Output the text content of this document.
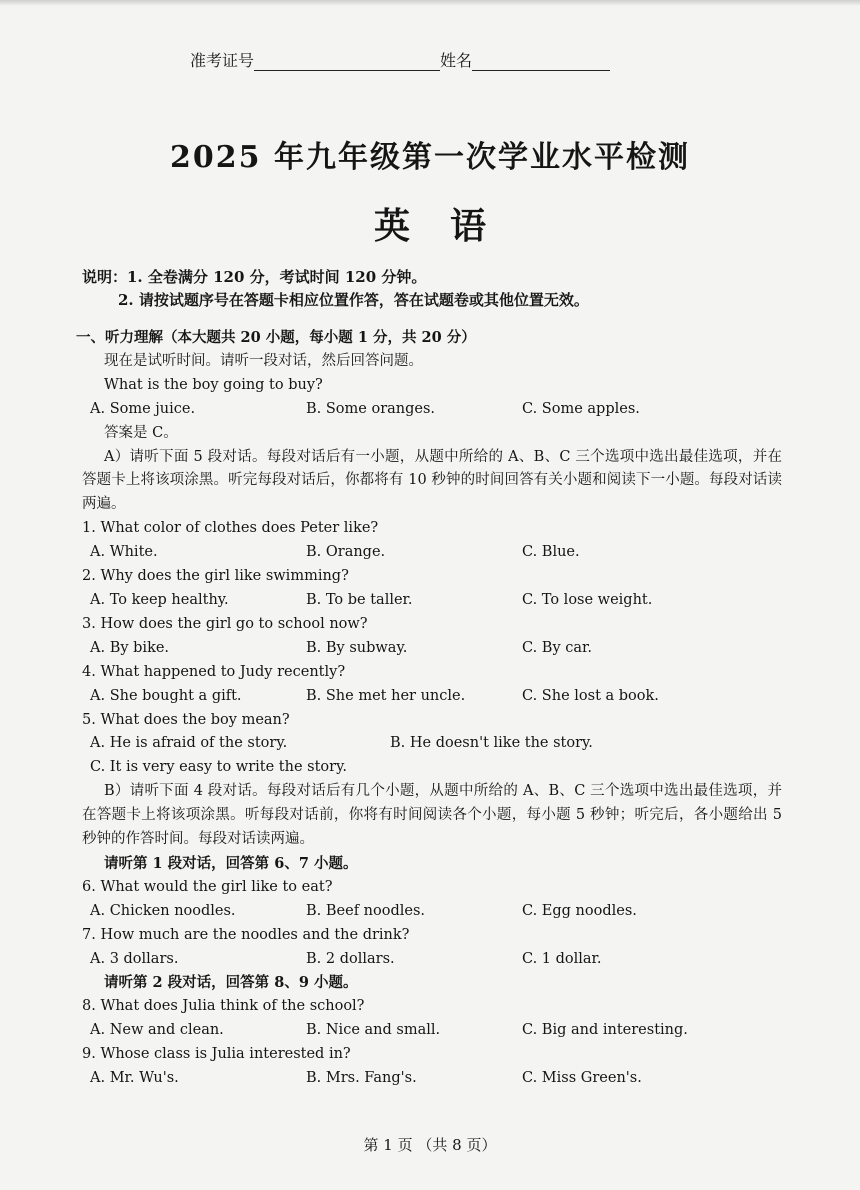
准考证号	姓名
2025 年九年级第一次学业水平检测
英语
说明：1. 全卷满分 120 分，考试时间 120 分钟。
2. 请按试题序号在答题卡相应位置作答，答在试题卷或其他位置无效。
一、听力理解（本大题共 20 小题，每小题 1 分，共 20 分）
现在是试听时间。请听一段对话，然后回答问题。
What is the boy going to buy?
A. Some juice.	B. Some oranges.	C. Some apples.
答案是 C。
A）请听下面 5 段对话。每段对话后有一小题，从题中所给的 A、B、C 三个选项中选出最佳选项，并在答题卡上将该项涂黑。听完每段对话后，你都将有 10 秒钟的时间回答有关小题和阅读下一小题。每段对话读两遍。
1. What color of clothes does Peter like?
A. White.	B. Orange.	C. Blue.
2. Why does the girl like swimming?
A. To keep healthy.	B. To be taller.	C. To lose weight.
3. How does the girl go to school now?
A. By bike.	B. By subway.	C. By car.
4. What happened to Judy recently?
A. She bought a gift.	B. She met her uncle.	C. She lost a book.
5. What does the boy mean?
A. He is afraid of the story.	B. He doesn't like the story.
C. It is very easy to write the story.
B）请听下面 4 段对话。每段对话后有几个小题，从题中所给的 A、B、C 三个选项中选出最佳选项，并在答题卡上将该项涂黑。听每段对话前，你将有时间阅读各个小题，每小题 5 秒钟；听完后，各小题给出 5 秒钟的作答时间。每段对话读两遍。
请听第 1 段对话，回答第 6、7 小题。
6. What would the girl like to eat?
A. Chicken noodles.	B. Beef noodles.	C. Egg noodles.
7. How much are the noodles and the drink?
A. 3 dollars.	B. 2 dollars.	C. 1 dollar.
请听第 2 段对话，回答第 8、9 小题。
8. What does Julia think of the school?
A. New and clean.	B. Nice and small.	C. Big and interesting.
9. Whose class is Julia interested in?
A. Mr. Wu's.	B. Mrs. Fang's.	C. Miss Green's.
第 1 页 （共 8 页）
